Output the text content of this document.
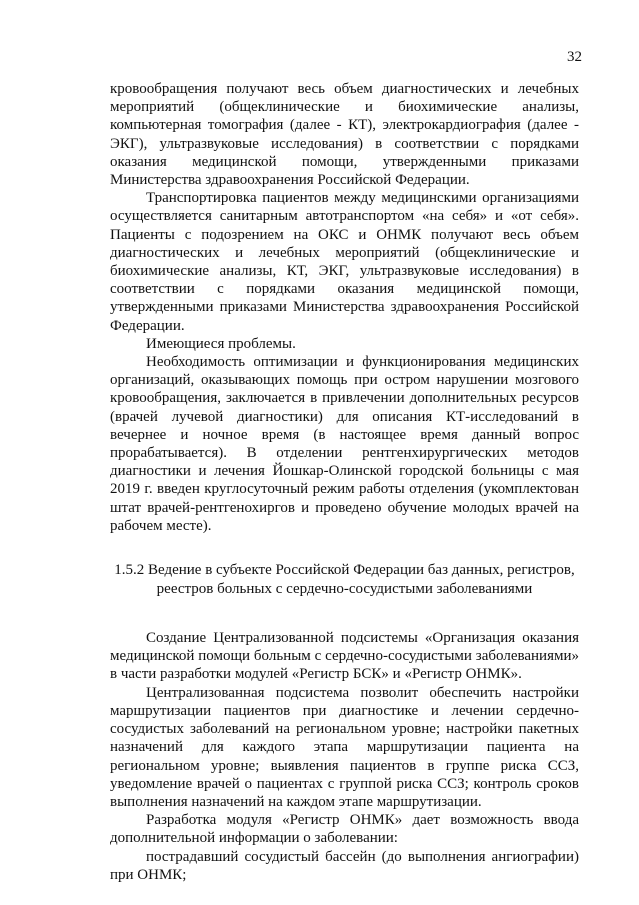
32

кровообращения получают весь объем диагностических и лечебных мероприятий (общеклинические и биохимические анализы, компьютерная томография (далее - КТ), электрокардиография (далее - ЭКГ), ультразвуковые исследования) в соответствии с порядками оказания медицинской помощи, утвержденными приказами Министерства здравоохранения Российской Федерации.

Транспортировка пациентов между медицинскими организациями осуществляется санитарным автотранспортом «на себя» и «от себя». Пациенты с подозрением на ОКС и ОНМК получают весь объем диагностических и лечебных мероприятий (общеклинические и биохимические анализы, КТ, ЭКГ, ультразвуковые исследования) в соответствии с порядками оказания медицинской помощи, утвержденными приказами Министерства здравоохранения Российской Федерации.

Имеющиеся проблемы.

Необходимость оптимизации и функционирования медицинских организаций, оказывающих помощь при остром нарушении мозгового кровообращения, заключается в привлечении дополнительных ресурсов (врачей лучевой диагностики) для описания КТ-исследований в вечернее и ночное время (в настоящее время данный вопрос прорабатывается). В отделении рентгенхирургических методов диагностики и лечения Йошкар-Олинской городской больницы с мая 2019 г. введен круглосуточный режим работы отделения (укомплектован штат врачей-рентгенохиргов и проведено обучение молодых врачей на рабочем месте).

1.5.2 Ведение в субъекте Российской Федерации баз данных, регистров,
реестров больных с сердечно-сосудистыми заболеваниями

Создание Централизованной подсистемы «Организация оказания медицинской помощи больным с сердечно-сосудистыми заболеваниями» в части разработки модулей «Регистр БСК» и «Регистр ОНМК».

Централизованная подсистема позволит обеспечить настройки маршрутизации пациентов при диагностике и лечении сердечно-сосудистых заболеваний на региональном уровне; настройки пакетных назначений для каждого этапа маршрутизации пациента на региональном уровне; выявления пациентов в группе риска ССЗ, уведомление врачей о пациентах с группой риска ССЗ; контроль сроков выполнения назначений на каждом этапе маршрутизации.

Разработка модуля «Регистр ОНМК» дает возможность ввода дополнительной информации о заболевании:

пострадавший сосудистый бассейн (до выполнения ангиографии) при ОНМК;
